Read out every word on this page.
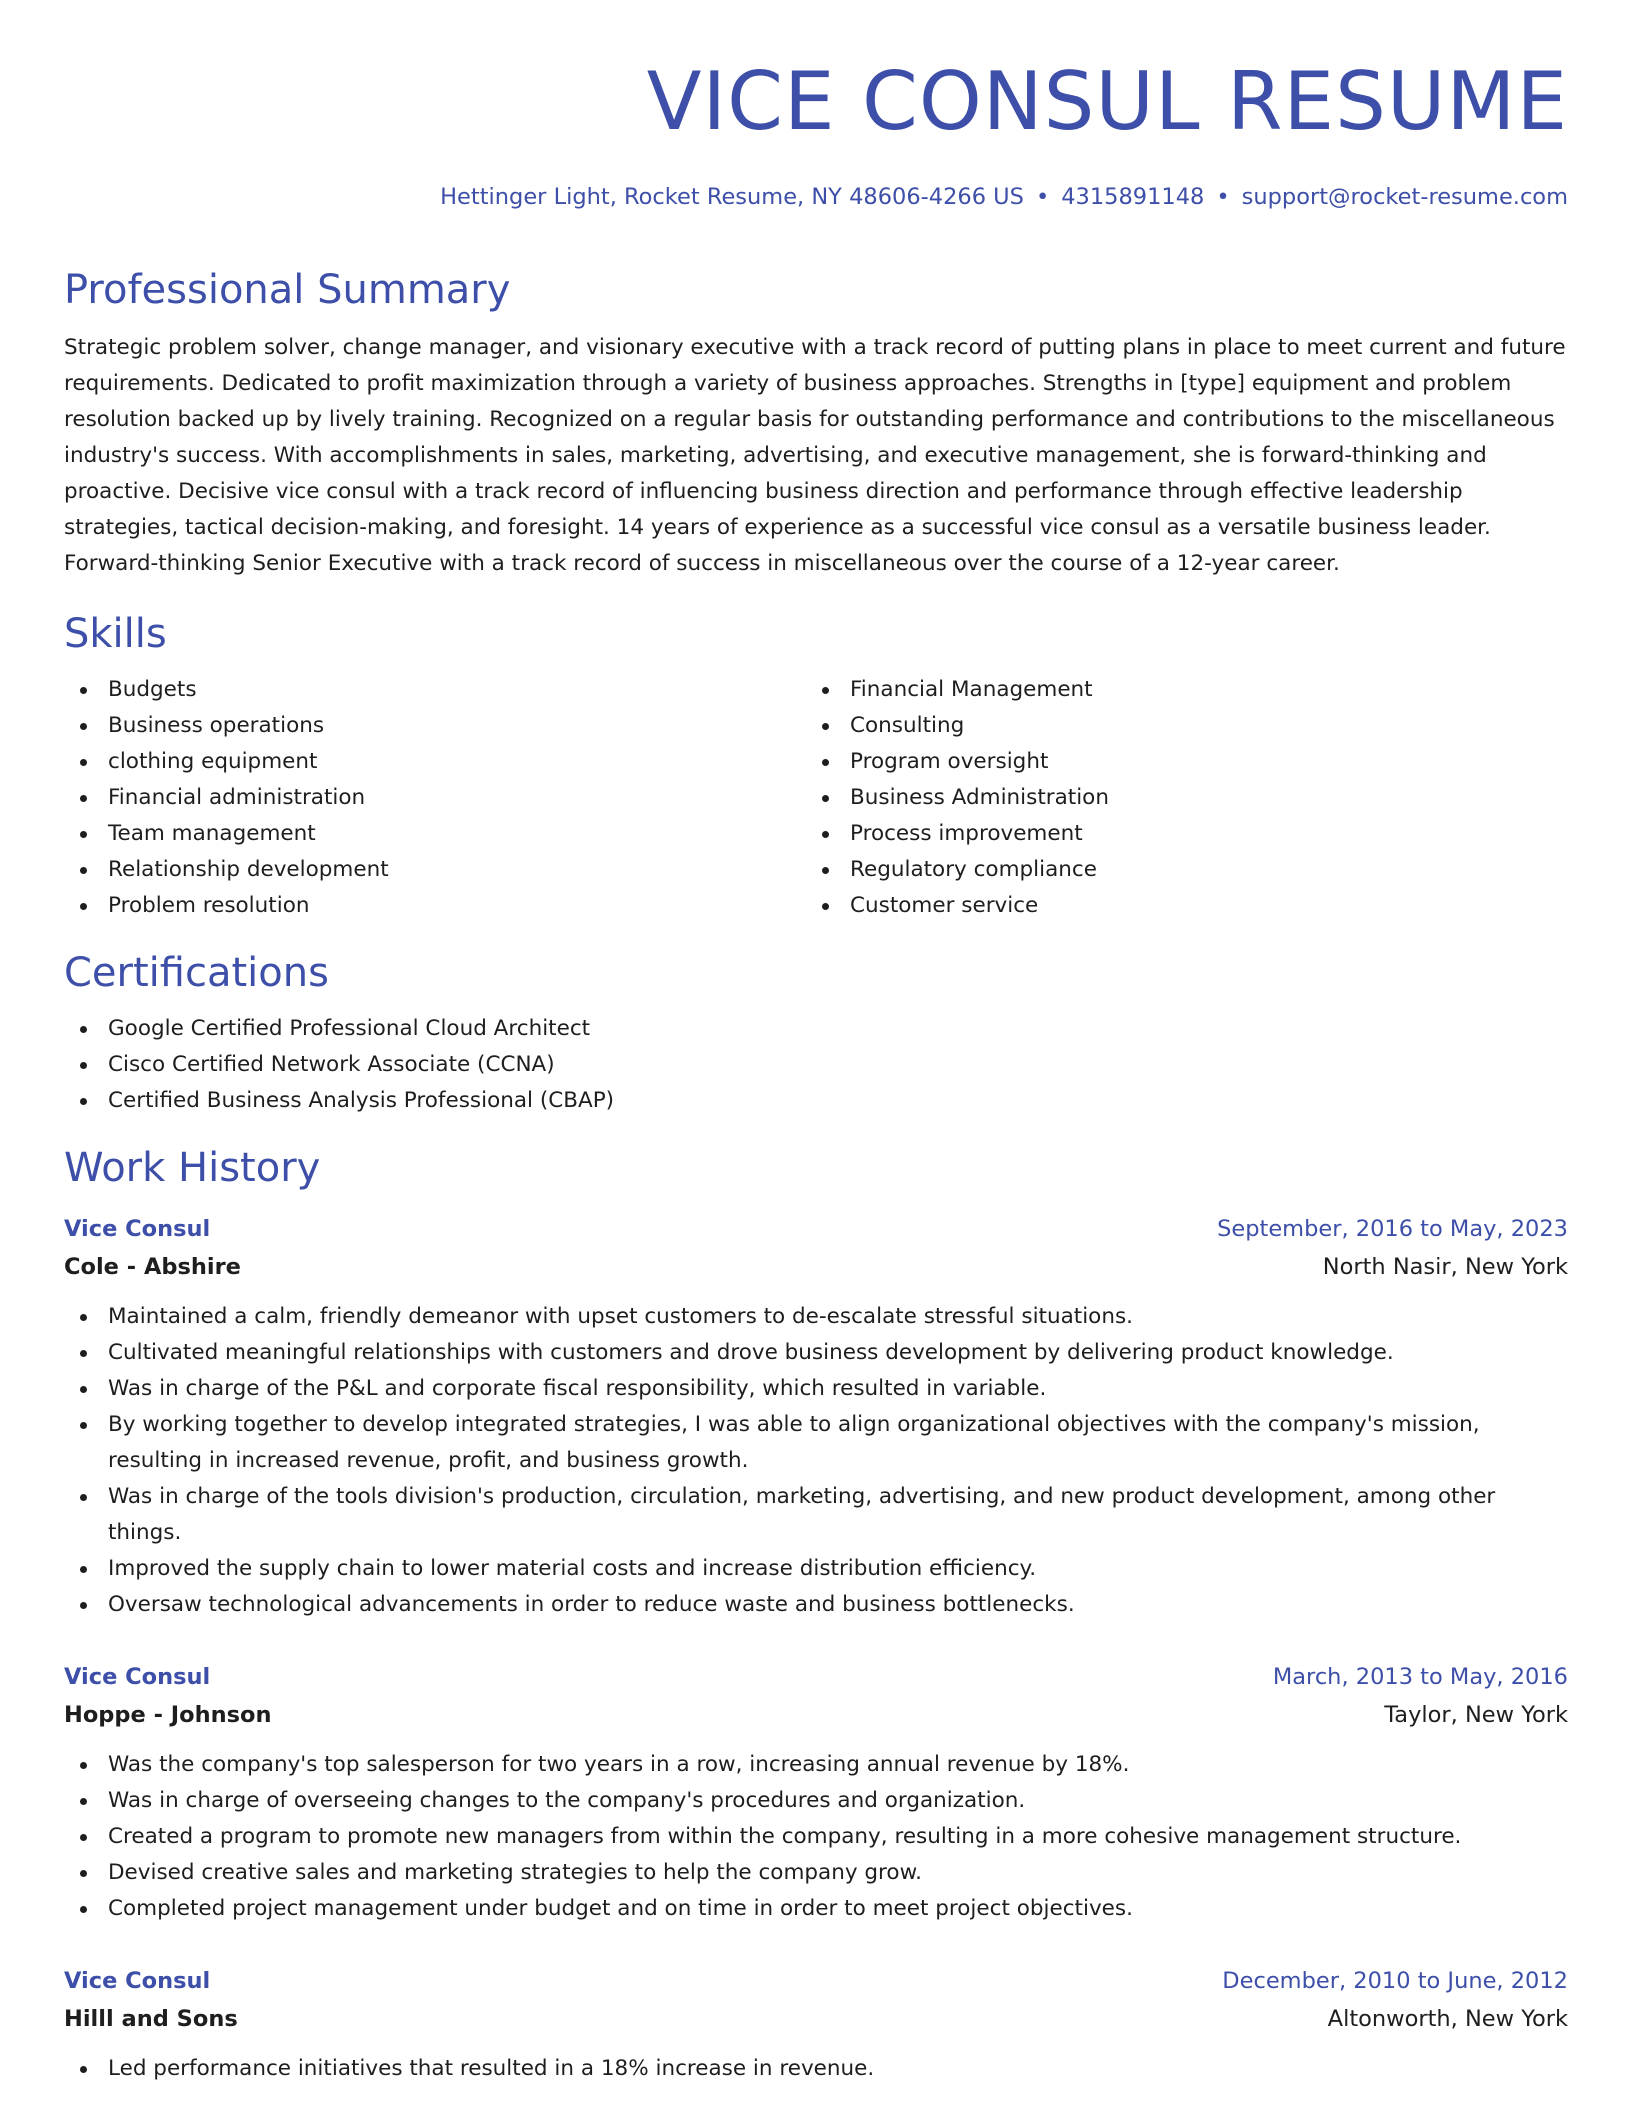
VICE CONSUL RESUME
Hettinger Light, Rocket Resume, NY 48606-4266 US • 4315891148 • support@rocket-resume.com
Professional Summary

Strategic problem solver, change manager, and visionary executive with a track record of putting plans in place to meet current and future requirements. Dedicated to profit maximization through a variety of business approaches. Strengths in [type] equipment and problem resolution backed up by lively training. Recognized on a regular basis for outstanding performance and contributions to the miscellaneous industry's success. With accomplishments in sales, marketing, advertising, and executive management, she is forward-thinking and proactive. Decisive vice consul with a track record of influencing business direction and performance through effective leadership strategies, tactical decision-making, and foresight. 14 years of experience as a successful vice consul as a versatile business leader. Forward-thinking Senior Executive with a track record of success in miscellaneous over the course of a 12-year career.

Skills
Budgets
Business operations
clothing equipment
Financial administration
Team management
Relationship development
Problem resolution
Financial Management
Consulting
Program oversight
Business Administration
Process improvement
Regulatory compliance
Customer service
Certifications
Google Certified Professional Cloud Architect
Cisco Certified Network Associate (CCNA)
Certified Business Analysis Professional (CBAP)
Work History
Vice Consul	September, 2016 to May, 2023
Cole - Abshire	North Nasir, New York
Maintained a calm, friendly demeanor with upset customers to de-escalate stressful situations.
Cultivated meaningful relationships with customers and drove business development by delivering product knowledge.
Was in charge of the P&L and corporate fiscal responsibility, which resulted in variable.
By working together to develop integrated strategies, I was able to align organizational objectives with the company's mission, resulting in increased revenue, profit, and business growth.
Was in charge of the tools division's production, circulation, marketing, advertising, and new product development, among other things.
Improved the supply chain to lower material costs and increase distribution efficiency.
Oversaw technological advancements in order to reduce waste and business bottlenecks.
Vice Consul	March, 2013 to May, 2016
Hoppe - Johnson	Taylor, New York
Was the company's top salesperson for two years in a row, increasing annual revenue by 18%.
Was in charge of overseeing changes to the company's procedures and organization.
Created a program to promote new managers from within the company, resulting in a more cohesive management structure.
Devised creative sales and marketing strategies to help the company grow.
Completed project management under budget and on time in order to meet project objectives.
Vice Consul	December, 2010 to June, 2012
Hilll and Sons	Altonworth, New York
Led performance initiatives that resulted in a 18% increase in revenue.
